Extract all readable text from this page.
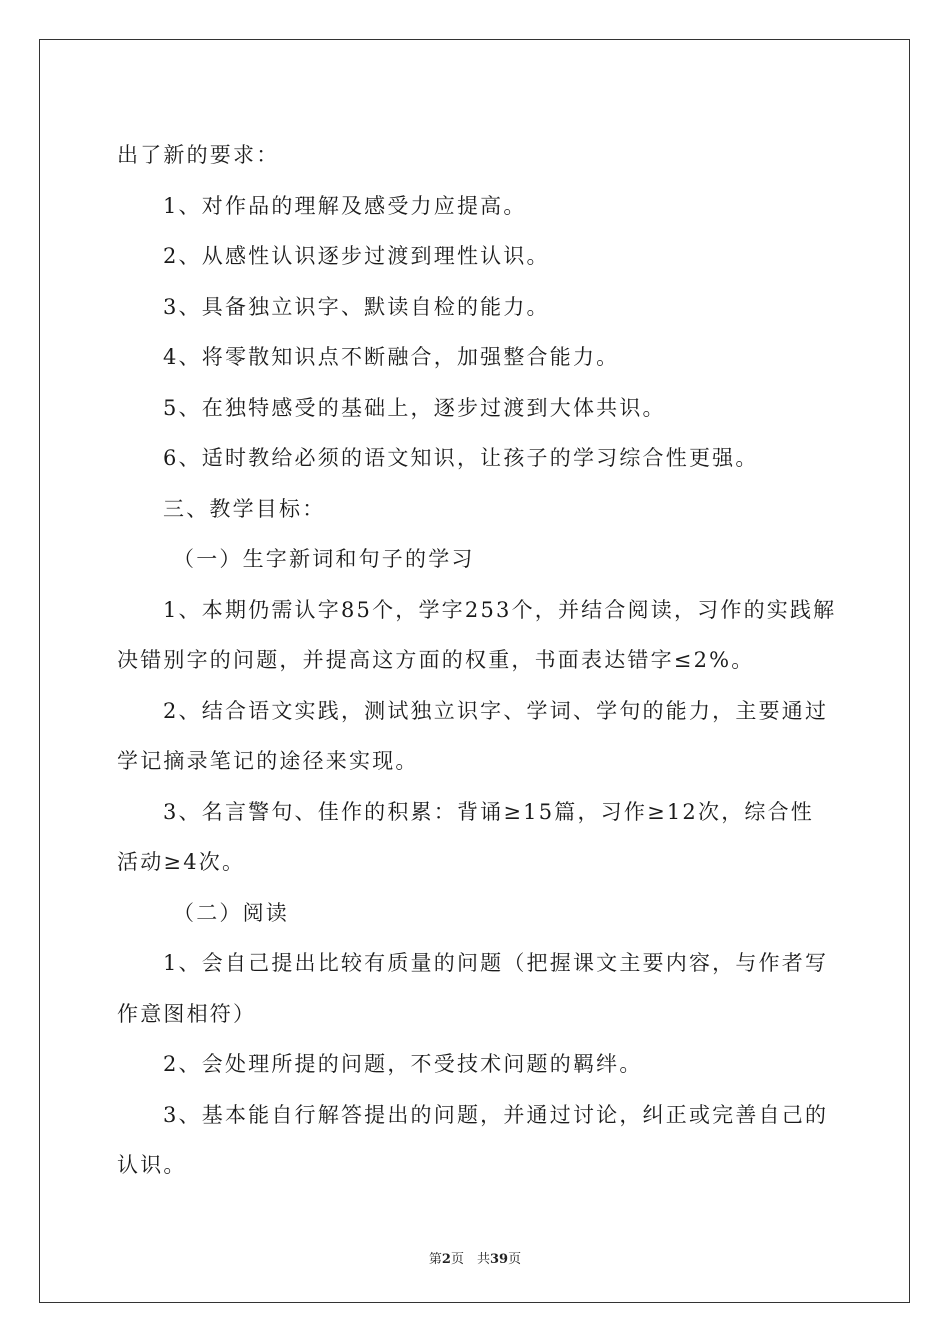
出了新的要求：

1、对作品的理解及感受力应提高。

2、从感性认识逐步过渡到理性认识。

3、具备独立识字、默读自检的能力。

4、将零散知识点不断融合，加强整合能力。

5、在独特感受的基础上，逐步过渡到大体共识。

6、适时教给必须的语文知识，让孩子的学习综合性更强。

三、教学目标：

（一）生字新词和句子的学习

1、本期仍需认字85个，学字253个，并结合阅读，习作的实践解决错别字的问题，并提高这方面的权重，书面表达错字≤2%。

2、结合语文实践，测试独立识字、学词、学句的能力，主要通过学记摘录笔记的途径来实现。

3、名言警句、佳作的积累：背诵≥15篇，习作≥12次，综合性活动≥4次。

（二）阅读

1、会自己提出比较有质量的问题（把握课文主要内容，与作者写作意图相符）

2、会处理所提的问题，不受技术问题的羁绊。

3、基本能自行解答提出的问题，并通过讨论，纠正或完善自己的认识。

第2页　共39页
